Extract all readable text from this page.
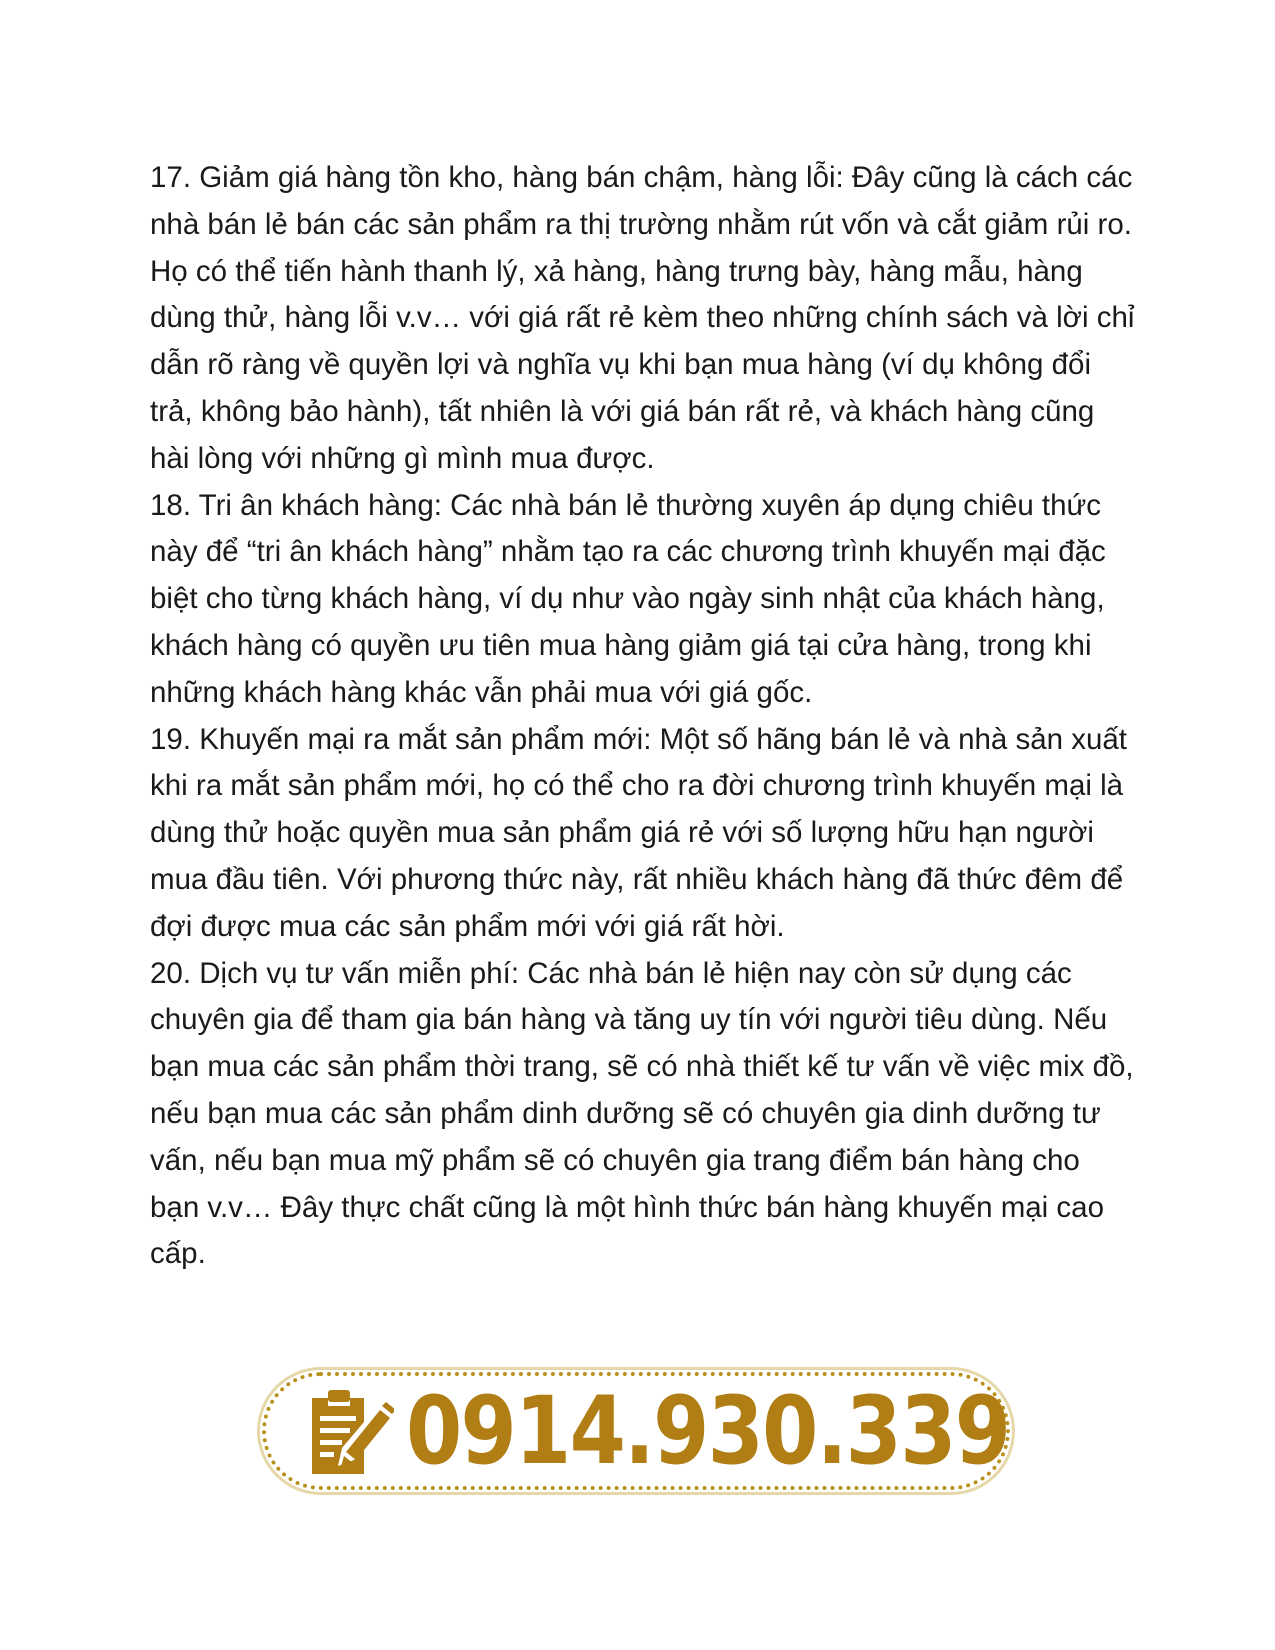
17. Giảm giá hàng tồn kho, hàng bán chậm, hàng lỗi: Đây cũng là cách các nhà bán lẻ bán các sản phẩm ra thị trường nhằm rút vốn và cắt giảm rủi ro. Họ có thể tiến hành thanh lý, xả hàng, hàng trưng bày, hàng mẫu, hàng dùng thử, hàng lỗi v.v… với giá rất rẻ kèm theo những chính sách và lời chỉ dẫn rõ ràng về quyền lợi và nghĩa vụ khi bạn mua hàng (ví dụ không đổi trả, không bảo hành), tất nhiên là với giá bán rất rẻ, và khách hàng cũng hài lòng với những gì mình mua được.

18. Tri ân khách hàng: Các nhà bán lẻ thường xuyên áp dụng chiêu thức này để “tri ân khách hàng” nhằm tạo ra các chương trình khuyến mại đặc biệt cho từng khách hàng, ví dụ như vào ngày sinh nhật của khách hàng, khách hàng có quyền ưu tiên mua hàng giảm giá tại cửa hàng, trong khi những khách hàng khác vẫn phải mua với giá gốc.

19. Khuyến mại ra mắt sản phẩm mới: Một số hãng bán lẻ và nhà sản xuất khi ra mắt sản phẩm mới, họ có thể cho ra đời chương trình khuyến mại là dùng thử hoặc quyền mua sản phẩm giá rẻ với số lượng hữu hạn người mua đầu tiên. Với phương thức này, rất nhiều khách hàng đã thức đêm để đợi được mua các sản phẩm mới với giá rất hời.

20. Dịch vụ tư vấn miễn phí: Các nhà bán lẻ hiện nay còn sử dụng các chuyên gia để tham gia bán hàng và tăng uy tín với người tiêu dùng. Nếu bạn mua các sản phẩm thời trang, sẽ có nhà thiết kế tư vấn về việc mix đồ, nếu bạn mua các sản phẩm dinh dưỡng sẽ có chuyên gia dinh dưỡng tư vấn, nếu bạn mua mỹ phẩm sẽ có chuyên gia trang điểm bán hàng cho bạn v.v… Đây thực chất cũng là một hình thức bán hàng khuyến mại cao cấp.

0914.930.339
